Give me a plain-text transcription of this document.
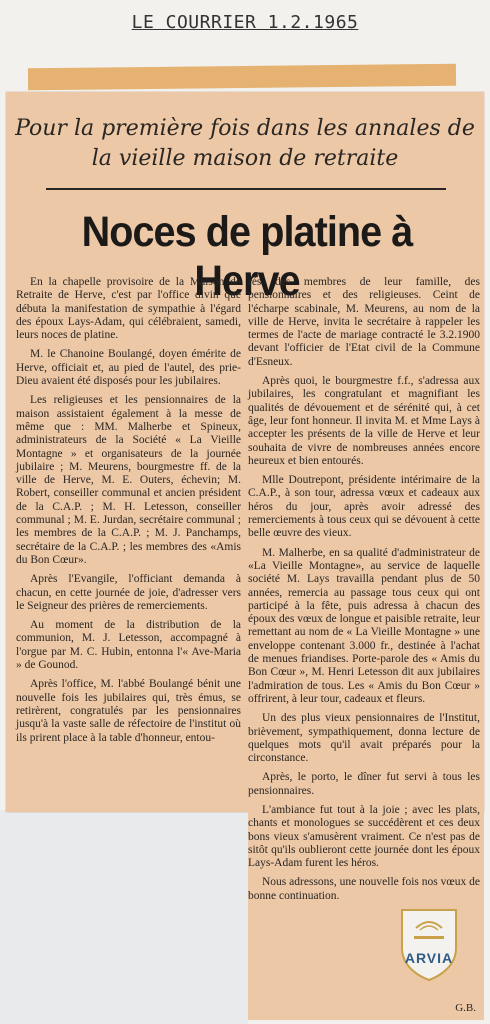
LE COURRIER 1.2.1965
Pour la première fois dans les annales de la vieille maison de retraite
Noces de platine à Herve

En la chapelle provisoire de la Maison de Retraite de Herve, c'est par l'office divin que débuta la manifestation de sympathie à l'égard des époux Lays-Adam, qui célébraient, samedi, leurs noces de platine.

M. le Chanoine Boulangé, doyen émérite de Herve, officiait et, au pied de l'autel, des prie-Dieu avaient été disposés pour les jubilaires.

Les religieuses et les pensionnaires de la maison assistaient également à la messe de même que : MM. Malherbe et Spineux, administrateurs de la Société « La Vieille Montagne » et organisateurs de la journée jubilaire ; M. Meurens, bourgmestre ff. de la ville de Herve, M. E. Outers, échevin; M. Robert, conseiller communal et ancien président de la C.A.P. ; M. H. Letesson, conseiller communal ; M. E. Jurdan, secrétaire communal ; les membres de la C.A.P. ; M. J. Panchamps, secrétaire de la C.A.P. ; les membres des «Amis du Bon Cœur».

Après l'Evangile, l'officiant demanda à chacun, en cette journée de joie, d'adresser vers le Seigneur des prières de remerciements.

Au moment de la distribution de la communion, M. J. Letesson, accompagné à l'orgue par M. C. Hubin, entonna l'« Ave-Maria » de Gounod.

Après l'office, M. l'abbé Boulangé bénit une nouvelle fois les jubilaires qui, très émus, se retirèrent, congratulés par les pensionnaires jusqu'à la vaste salle de réfectoire de l'institut où ils prirent place à la table d'honneur, entou-

rés des membres de leur famille, des pensionnaires et des religieuses. Ceint de l'écharpe scabinale, M. Meurens, au nom de la ville de Herve, invita le secrétaire à rappeler les termes de l'acte de mariage contracté le 3.2.1900 devant l'officier de l'Etat civil de la Commune d'Esneux.

Après quoi, le bourgmestre f.f., s'adressa aux jubilaires, les congratulant et magnifiant les qualités de dévouement et de sérénité qui, à cet âge, leur font honneur. Il invita M. et Mme Lays à accepter les présents de la ville de Herve et leur souhaita de vivre de nombreuses années encore heureux et bien entourés.

Mlle Doutrepont, présidente intérimaire de la C.A.P., à son tour, adressa vœux et cadeaux aux héros du jour, après avoir adressé des remerciements à tous ceux qui se dévouent à cette belle œuvre des vieux.

M. Malherbe, en sa qualité d'administrateur de «La Vieille Montagne», au service de laquelle société M. Lays travailla pendant plus de 50 années, remercia au passage tous ceux qui ont participé à la fête, puis adressa à chacun des époux des vœux de longue et paisible retraite, leur remettant au nom de « La Vieille Montagne » une enveloppe contenant 3.000 fr., destinée à l'achat de menues friandises. Porte-parole des « Amis du Bon Cœur », M. Henri Letesson dit aux jubilaires l'admiration de tous. Les « Amis du Bon Cœur » offrirent, à leur tour, cadeaux et fleurs.

Un des plus vieux pensionnaires de l'Institut, brièvement, sympathiquement, donna lecture de quelques mots qu'il avait préparés pour la circonstance.

Après, le porto, le dîner fut servi à tous les pensionnaires.

L'ambiance fut tout à la joie ; avec les plats, chants et monologues se succédèrent et ces deux bons vieux s'amusèrent vraiment. Ce n'est pas de sitôt qu'ils oublieront cette journée dont les époux Lays-Adam furent les héros.

Nous adressons, une nouvelle fois nos vœux de bonne continuation.

G.B.
ARVIA
